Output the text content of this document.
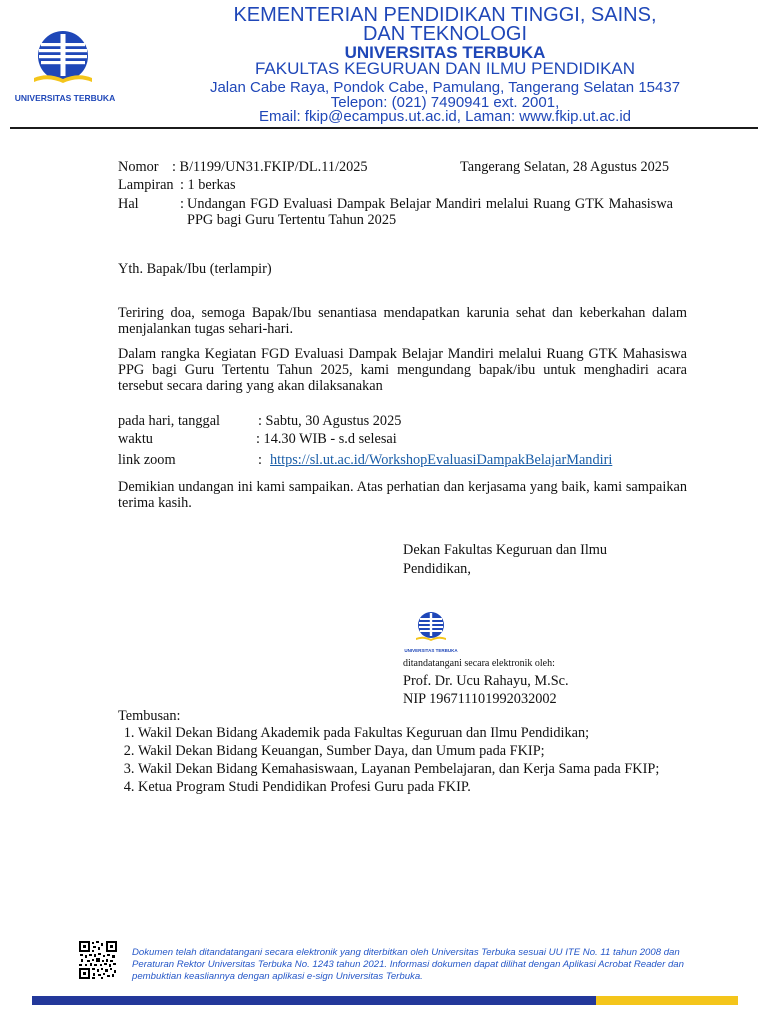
UNIVERSITAS TERBUKA
KEMENTERIAN PENDIDIKAN TINGGI, SAINS,
DAN TEKNOLOGI
UNIVERSITAS TERBUKA
FAKULTAS KEGURUAN DAN ILMU PENDIDIKAN
Jalan Cabe Raya, Pondok Cabe, Pamulang, Tangerang Selatan 15437
Telepon: (021) 7490941 ext. 2001,
Email: fkip@ecampus.ut.ac.id, Laman: www.fkip.ut.ac.id
Nomor : B/1199/UN31.FKIP/DL.11/2025	Tangerang Selatan, 28 Agustus 2025
Lampiran : 1 berkas
Hal	: Undangan FGD Evaluasi Dampak Belajar Mandiri melalui Ruang GTK Mahasiswa PPG bagi Guru Tertentu Tahun 2025
Yth. Bapak/Ibu (terlampir)
Teriring doa, semoga Bapak/Ibu senantiasa mendapatkan karunia sehat dan keberkahan dalam menjalankan tugas sehari-hari.
Dalam rangka Kegiatan FGD Evaluasi Dampak Belajar Mandiri melalui Ruang GTK Mahasiswa PPG bagi Guru Tertentu Tahun 2025, kami mengundang bapak/ibu untuk menghadiri acara tersebut secara daring yang akan dilaksanakan
pada hari, tanggal	: Sabtu, 30 Agustus 2025
waktu	: 14.30 WIB - s.d selesai
link zoom	: https://sl.ut.ac.id/WorkshopEvaluasiDampakBelajarMandiri
Demikian undangan ini kami sampaikan. Atas perhatian dan kerjasama yang baik, kami sampaikan terima kasih.
Dekan Fakultas Keguruan dan Ilmu Pendidikan,
UNIVERSITAS TERBUKA
ditandatangani secara elektronik oleh:
Prof. Dr. Ucu Rahayu, M.Sc.
NIP 196711101992032002
Tembusan:
1. Wakil Dekan Bidang Akademik pada Fakultas Keguruan dan Ilmu Pendidikan;
2. Wakil Dekan Bidang Keuangan, Sumber Daya, dan Umum pada FKIP;
3. Wakil Dekan Bidang Kemahasiswaan, Layanan Pembelajaran, dan Kerja Sama pada FKIP;
4. Ketua Program Studi Pendidikan Profesi Guru pada FKIP.
Dokumen telah ditandatangani secara elektronik yang diterbitkan oleh Universitas Terbuka sesuai UU ITE No. 11 tahun 2008 dan Peraturan Rektor Universitas Terbuka No. 1243 tahun 2021. Informasi dokumen dapat dilihat dengan Aplikasi Acrobat Reader dan pembuktian keasliannya dengan aplikasi e-sign Universitas Terbuka.
